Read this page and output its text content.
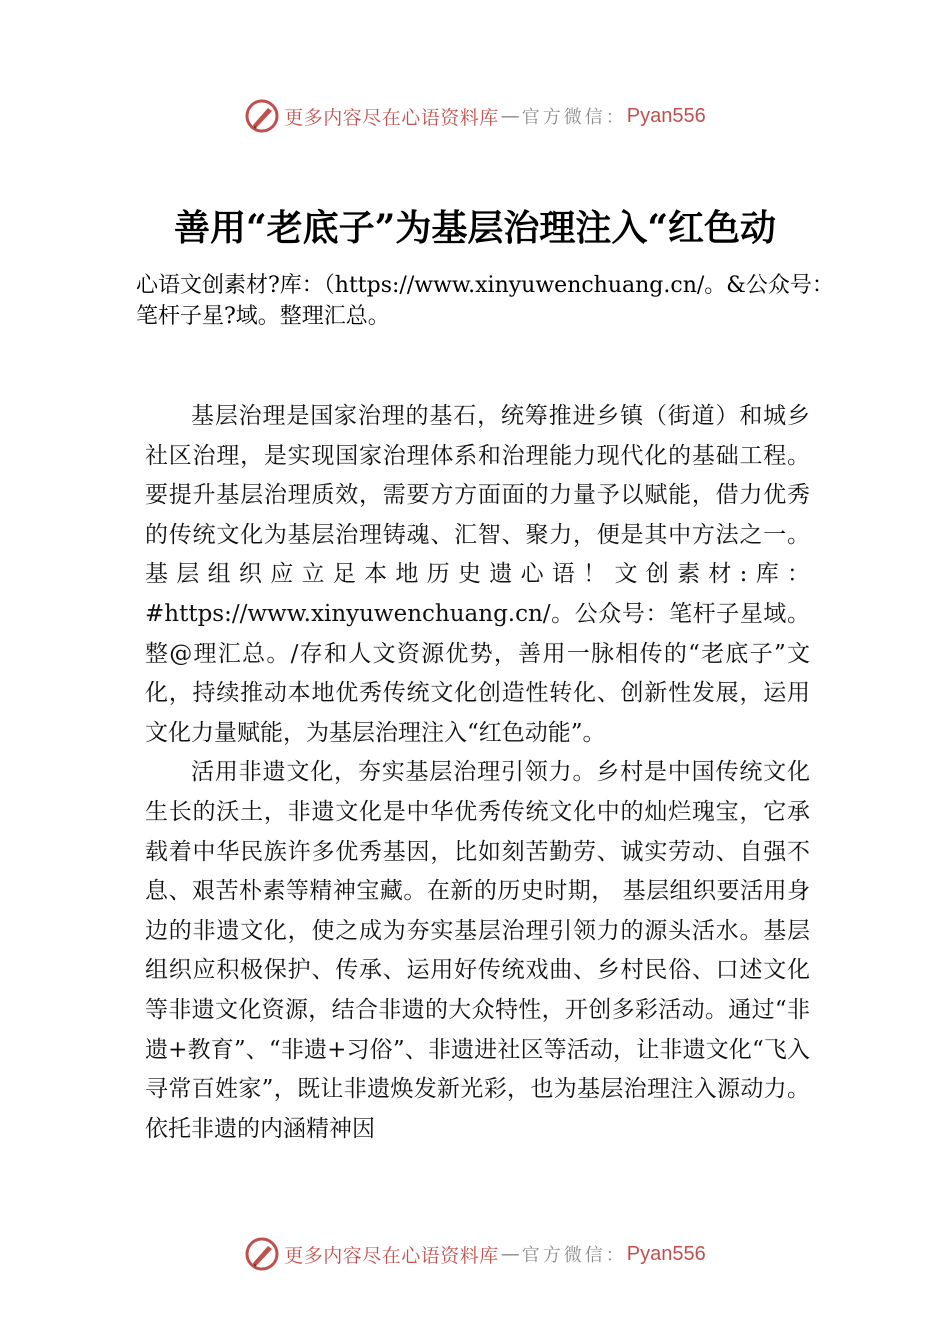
更多内容尽在心语资料库 — 官方微信： Pyan556
善用“老底子”为基层治理注入“红色动
心语文创素材?库：（https://www.xinyuwenchuang.cn/。&公众号：笔杆子星?域。整理汇总。

基层治理是国家治理的基石，统筹推进乡镇（街道）和城乡社区治理，是实现国家治理体系和治理能力现代化的基础工程。要提升基层治理质效，需要方方面面的力量予以赋能，借力优秀的传统文化为基层治理铸魂、汇智、聚力，便是其中方法之一。基层组织应立足本地历史遗心语！文创素材:库：#https://www.xinyuwenchuang.cn/。公众号：笔杆子星域。整@理汇总。/存和人文资源优势，善用一脉相传的“老底子”文化，持续推动本地优秀传统文化创造性转化、创新性发展，运用文化力量赋能，为基层治理注入“红色动能”。

活用非遗文化，夯实基层治理引领力。乡村是中国传统文化生长的沃土，非遗文化是中华优秀传统文化中的灿烂瑰宝，它承载着中华民族许多优秀基因，比如刻苦勤劳、诚实劳动、自强不息、艰苦朴素等精神宝藏。在新的历史时期， 基层组织要活用身边的非遗文化，使之成为夯实基层治理引领力的源头活水。基层组织应积极保护、传承、运用好传统戏曲、乡村民俗、口述文化等非遗文化资源，结合非遗的大众特性，开创多彩活动。通过“非遗+教育”、“非遗+习俗”、非遗进社区等活动，让非遗文化“飞入寻常百姓家”，既让非遗焕发新光彩，也为基层治理注入源动力。依托非遗的内涵精神因

更多内容尽在心语资料库 — 官方微信： Pyan556
